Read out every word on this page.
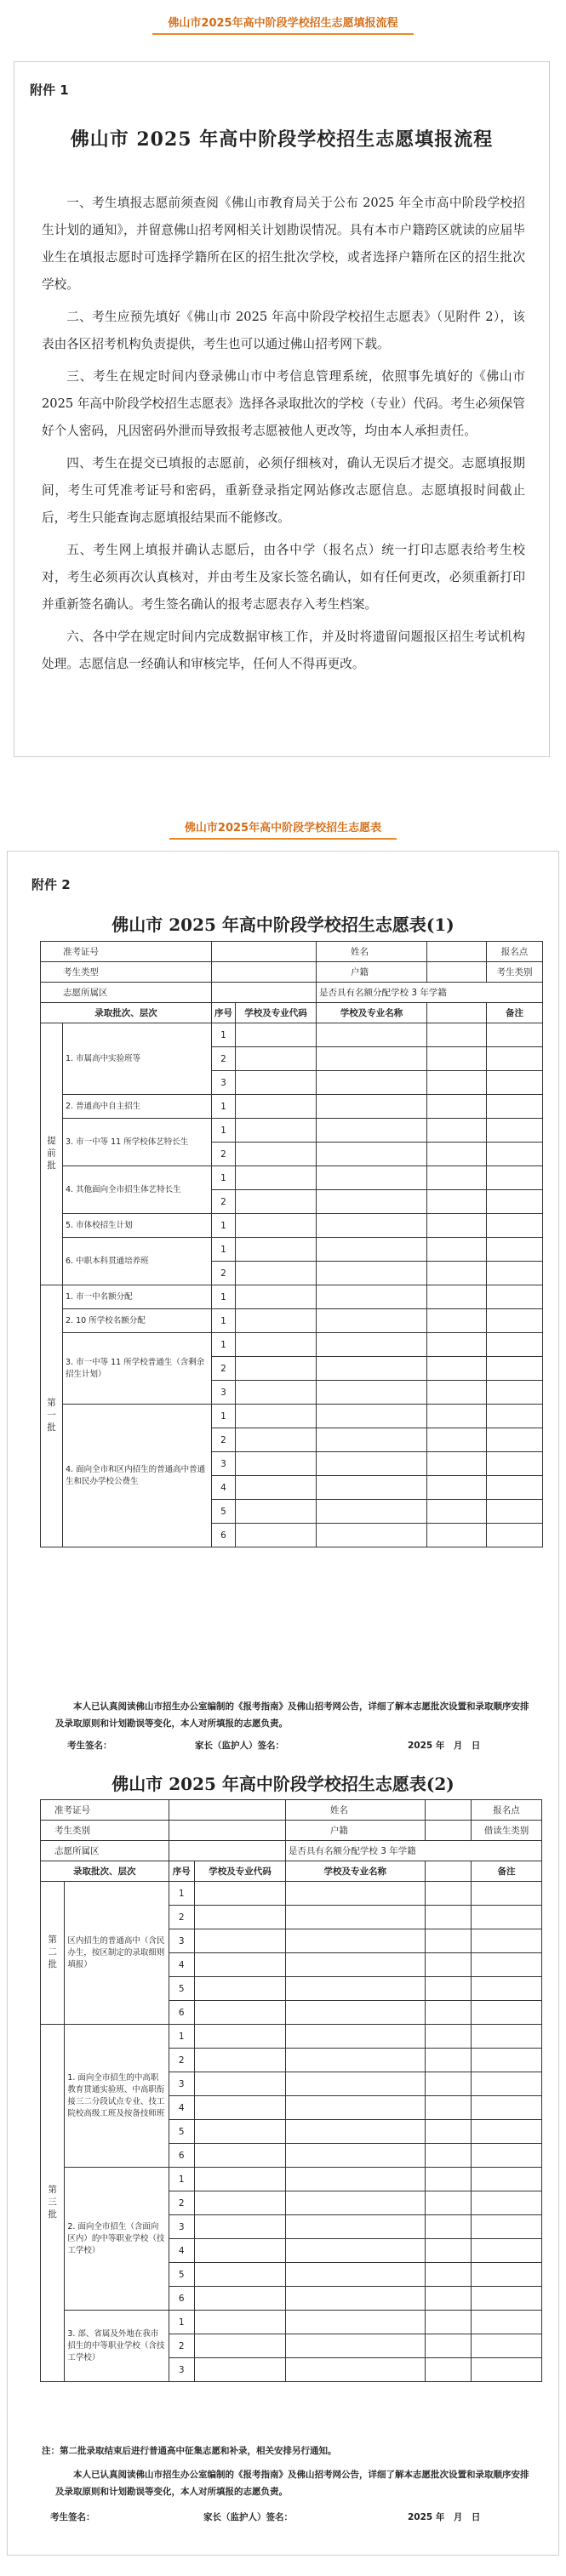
佛山市2025年高中阶段学校招生志愿填报流程
附件 1
佛山市 2025 年高中阶段学校招生志愿填报流程

一、考生填报志愿前须查阅《佛山市教育局关于公布 2025 年全市高中阶段学校招生计划的通知》，并留意佛山招考网相关计划勘误情况。具有本市户籍跨区就读的应届毕业生在填报志愿时可选择学籍所在区的招生批次学校，或者选择户籍所在区的招生批次学校。

二、考生应预先填好《佛山市 2025 年高中阶段学校招生志愿表》（见附件 2），该表由各区招考机构负责提供，考生也可以通过佛山招考网下载。

三、考生在规定时间内登录佛山市中考信息管理系统，依照事先填好的《佛山市 2025 年高中阶段学校招生志愿表》选择各录取批次的学校（专业）代码。考生必须保管好个人密码，凡因密码外泄而导致报考志愿被他人更改等，均由本人承担责任。

四、考生在提交已填报的志愿前，必须仔细核对，确认无误后才提交。志愿填报期间，考生可凭准考证号和密码，重新登录指定网站修改志愿信息。志愿填报时间截止后，考生只能查询志愿填报结果而不能修改。

五、考生网上填报并确认志愿后，由各中学（报名点）统一打印志愿表给考生校对，考生必须再次认真核对，并由考生及家长签名确认，如有任何更改，必须重新打印并重新签名确认。考生签名确认的报考志愿表存入考生档案。

六、各中学在规定时间内完成数据审核工作，并及时将遗留问题报区招生考试机构处理。志愿信息一经确认和审核完毕，任何人不得再更改。

佛山市2025年高中阶段学校招生志愿表
附件 2
佛山市 2025 年高中阶段学校招生志愿表(1)
准考证号				姓名		报名点
考生类型				户籍		考生类别
志愿所属区				是否具有名额分配学校 3 年学籍		
录取批次、层次		序号	学校及专业代码	学校及专业名称		备注

提前批	1. 市属高中实验班等	1				
		2				
		3				
	2. 普通高中自主招生	1				
	3. 市一中等 11 所学校体艺特长生	1				
		2				
	4. 其他面向全市招生体艺特长生	1				
		2				
	5. 市体校招生计划	1				
	6. 中职本科贯通培养班	1				
		2				

第一批	1. 市一中名额分配	1				
	2. 10 所学校名额分配	1				
	3. 市一中等 11 所学校普通生（含剩余招生计划）	1				
		2				
		3				
	4. 面向全市和区内招生的普通高中普通生和民办学校公费生	1				
		2				
		3				
		4				
		5				
		6				
本人已认真阅读佛山市招生办公室编制的《报考指南》及佛山招考网公告，详细了解本志愿批次设置和录取顺序安排及录取原则和计划勘误等变化，本人对所填报的志愿负责。
考生签名：	家长（监护人）签名：	2025 年　月　日
佛山市 2025 年高中阶段学校招生志愿表(2)
准考证号				姓名		报名点
考生类别				户籍		借读生类别
志愿所属区				是否具有名额分配学校 3 年学籍		
录取批次、层次		序号	学校及专业代码	学校及专业名称		备注

第二批	区内招生的普通高中（含民办生，按区制定的录取细则填报）	1				
		2				
		3				
		4				
		5				
		6				

第三批	1. 面向全市招生的中高职教育贯通实验班、中高职衔接三二分段试点专业、技工院校高级工班及按备技师班	1				
		2				
		3				
		4				
		5				
		6				
	2. 面向全市招生（含面向区内）的中等职业学校（技工学校）	1				
		2				
		3				
		4				
		5				
		6				
	3. 部、省属及外地在我市招生的中等职业学校（含技工学校）	1				
		2				
		3				
注：第二批录取结束后进行普通高中征集志愿和补录，相关安排另行通知。
本人已认真阅读佛山市招生办公室编制的《报考指南》及佛山招考网公告，详细了解本志愿批次设置和录取顺序安排及录取原则和计划勘误等变化，本人对所填报的志愿负责。
考生签名：	家长（监护人）签名：	2025 年　月　日
